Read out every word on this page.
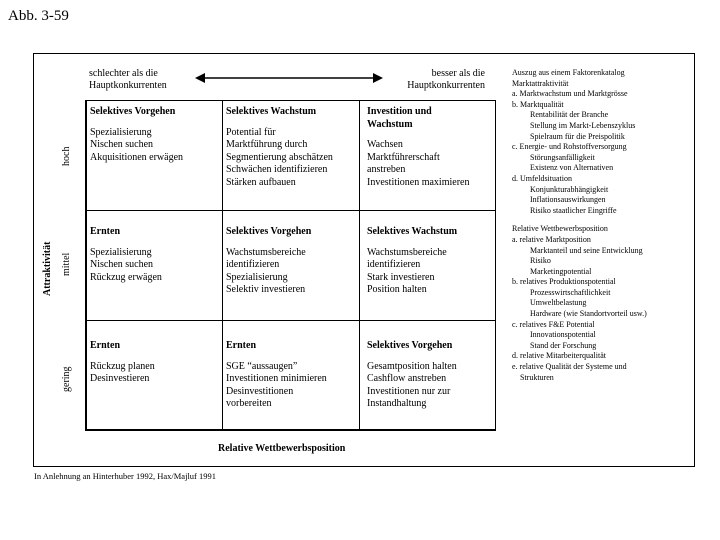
Abb. 3-59
schlechter als die
Hauptkonkurrenten
besser als die
Hauptkonkurrenten
Attraktivität
hoch
mittel
gering
Selektives Vorgehen
Spezialisierung
Nischen suchen
Akquisitionen erwägen
Selektives Wachstum
Potential für
Marktführung durch
Segmentierung abschätzen
Schwächen identifizieren
Stärken aufbauen
Investition und Wachstum
Wachsen
Marktführerschaft
anstreben
Investitionen maximieren
Ernten
Spezialisierung
Nischen suchen
Rückzug erwägen
Selektives Vorgehen
Wachstumsbereiche
identifizieren
Spezialisierung
Selektiv investieren
Selektives Wachstum
Wachstumsbereiche
identifizieren
Stark investieren
Position halten
Ernten
Rückzug planen
Desinvestieren
Ernten
SGE “aussaugen”
Investitionen minimieren
Desinvestitionen
vorbereiten
Selektives Vorgehen
Gesamtposition halten
Cashflow anstreben
Investitionen nur zur
Instandhaltung
Relative Wettbewerbsposition
In Anlehnung an Hinterhuber 1992, Hax/Majluf 1991
Auszug aus einem Faktorenkatalog
Marktattraktivität
a. Marktwachstum und Marktgrösse
b. Marktqualität
Rentabilität der Branche
Stellung im Markt-Lebenszyklus
Spielraum für die Preispolitik
c. Energie- und Rohstoffversorgung
Störungsanfälligkeit
Existenz von Alternativen
d. Umfeldsituation
Konjunkturabhängigkeit
Inflationsauswirkungen
Risiko staatlicher Eingriffe
Relative Wettbewerbsposition
a. relative Marktposition
Marktanteil und seine Entwicklung
Risiko
Marketingpotential
b. relatives Produktionspotential
Prozesswirtschaftlichkeit
Umweltbelastung
Hardware (wie Standortvorteil usw.)
c. relatives F&E Potential
Innovationspotential
Stand der Forschung
d. relative Mitarbeiterqualität
e. relative Qualität der Systeme und
Strukturen
